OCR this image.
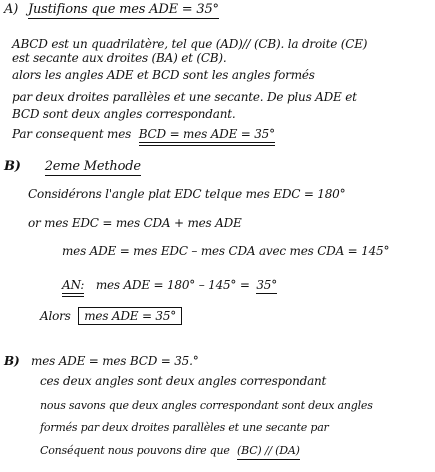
A) Justifions que mes ADE = 35°
ABCD est un quadrilatère, tel que (AD)// (CB). la droite (CE)
est secante aux droites (BA) et (CB).
alors les angles ADE et BCD sont les angles formés
par deux droites parallèles et une secante. De plus ADE et
BCD sont deux angles correspondant.
Par consequent mes BCD = mes ADE = 35°
B) 2eme Methode
Considérons l'angle plat EDC telque mes EDC = 180°
or mes EDC = mes CDA + mes ADE
mes ADE = mes EDC – mes CDA avec mes CDA = 145°
AN: mes ADE = 180° – 145° = 35°
Alors mes ADE = 35°
B) mes ADE = mes BCD = 35.°
ces deux angles sont deux angles correspondant
nous savons que deux angles correspondant sont deux angles
formés par deux droites parallèles et une secante par
Conséquent nous pouvons dire que (BC) // (DA)
